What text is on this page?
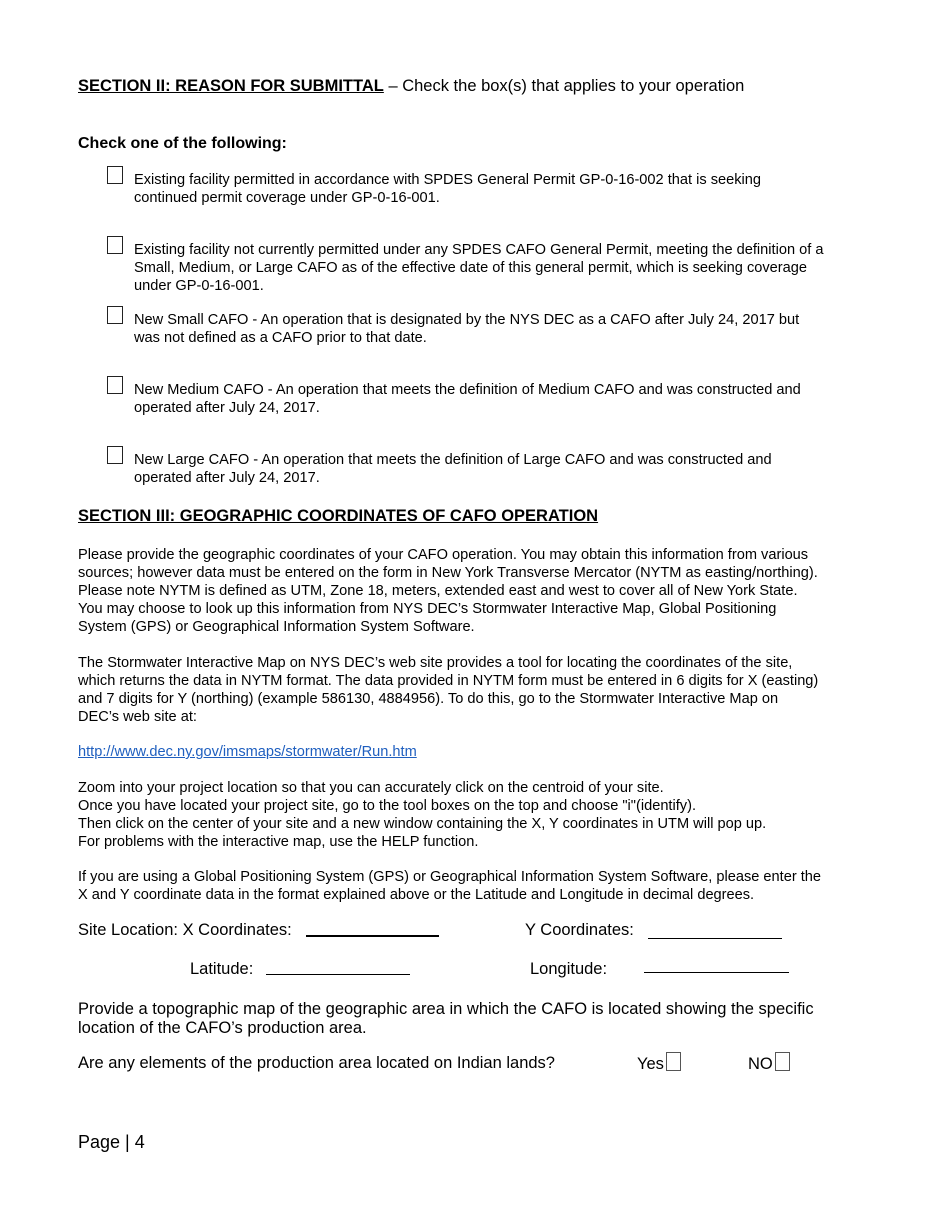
SECTION II: REASON FOR SUBMITTAL – Check the box(s) that applies to your operation
Check one of the following:
Existing facility permitted in accordance with SPDES General Permit GP-0-16-002 that is seeking
continued permit coverage under GP-0-16-001.
Existing facility not currently permitted under any SPDES CAFO General Permit, meeting the definition of a
Small, Medium, or Large CAFO as of the effective date of this general permit, which is seeking coverage
under GP-0-16-001.
New Small CAFO - An operation that is designated by the NYS DEC as a CAFO after July 24, 2017 but
was not defined as a CAFO prior to that date.
New Medium CAFO - An operation that meets the definition of Medium CAFO and was constructed and
operated after July 24, 2017.
New Large CAFO - An operation that meets the definition of Large CAFO and was constructed and
operated after July 24, 2017.
SECTION III: GEOGRAPHIC COORDINATES OF CAFO OPERATION

Please provide the geographic coordinates of your CAFO operation. You may obtain this information from various

sources; however data must be entered on the form in New York Transverse Mercator (NYTM as easting/northing).

Please note NYTM is defined as UTM, Zone 18, meters, extended east and west to cover all of New York State.

You may choose to look up this information from NYS DEC’s Stormwater Interactive Map, Global Positioning

System (GPS) or Geographical Information System Software.

The Stormwater Interactive Map on NYS DEC’s web site provides a tool for locating the coordinates of the site,

which returns the data in NYTM format. The data provided in NYTM form must be entered in 6 digits for X (easting)

and 7 digits for Y (northing) (example 586130, 4884956). To do this, go to the Stormwater Interactive Map on

DEC’s web site at:

http://www.dec.ny.gov/imsmaps/stormwater/Run.htm

Zoom into your project location so that you can accurately click on the centroid of your site.

Once you have located your project site, go to the tool boxes on the top and choose "i"(identify).

Then click on the center of your site and a new window containing the X, Y coordinates in UTM will pop up.

For problems with the interactive map, use the HELP function.

If you are using a Global Positioning System (GPS) or Geographical Information System Software, please enter the

X and Y coordinate data in the format explained above or the Latitude and Longitude in decimal degrees.

Site Location: X Coordinates:	Y Coordinates:
Latitude:	Longitude:
Provide a topographic map of the geographic area in which the CAFO is located showing the specific
location of the CAFO’s production area.
Are any elements of the production area located on Indian lands?	Yes	NO
Page | 4
